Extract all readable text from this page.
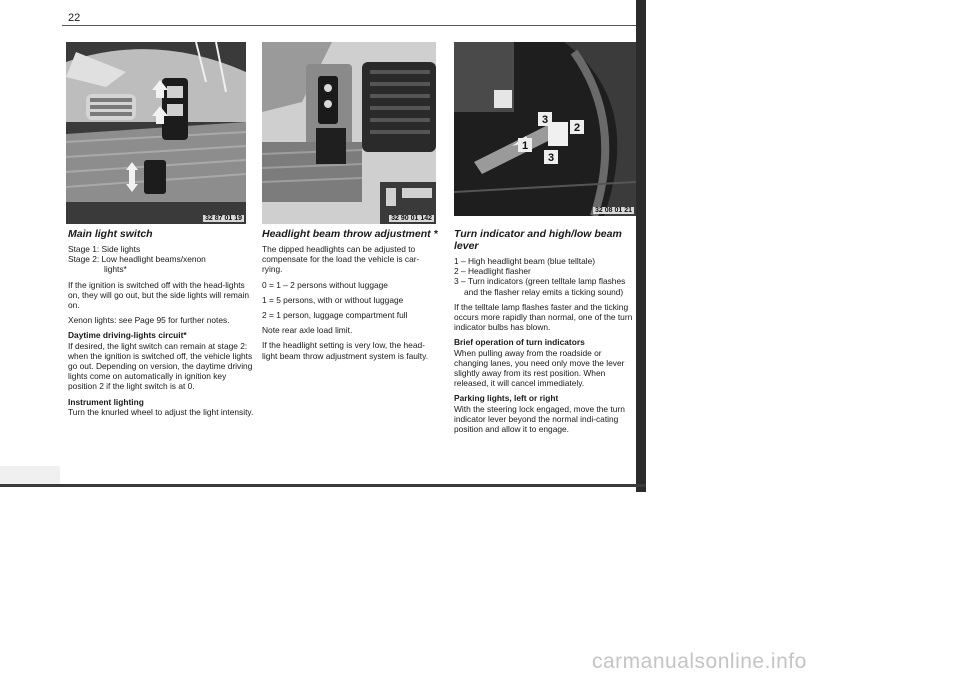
22
32 87 01 19	32 90 01 142
1
3
2
3
32 08 01 21
Main light switch

Stage 1: Side lights
Stage 2: Low headlight beams/xenon
lights*

If the ignition is switched off with the head-lights on, they will go out, but the side lights will remain on.

Xenon lights: see Page 95 for further notes.

Daytime driving-lights circuit*
If desired, the light switch can remain at stage 2: when the ignition is switched off, the vehicle lights go out. Depending on version, the daytime driving lights come on automatically in ignition key position 2 if the light switch is at 0.

Instrument lighting
Turn the knurled wheel to adjust the light intensity.

Headlight beam throw adjustment *

The dipped headlights can be adjusted to compensate for the load the vehicle is car-rying.

0 = 1 – 2 persons without luggage

1 = 5 persons, with or without luggage

2 = 1 person, luggage compartment full

Note rear axle load limit.

If the headlight setting is very low, the head-light beam throw adjustment system is faulty.

Turn indicator and high/low beam lever

1 – High headlight beam (blue telltale)
2 – Headlight flasher
3 – Turn indicators (green telltale lamp flashes and the flasher relay emits a ticking sound)

If the telltale lamp flashes faster and the ticking occurs more rapidly than normal, one of the turn indicator bulbs has blown.

Brief operation of turn indicators
When pulling away from the roadside or changing lanes, you need only move the lever slightly away from its rest position. When released, it will cancel immediately.

Parking lights, left or right
With the steering lock engaged, move the turn indicator lever beyond the normal indi-cating position and allow it to engage.

carmanualsonline.info
